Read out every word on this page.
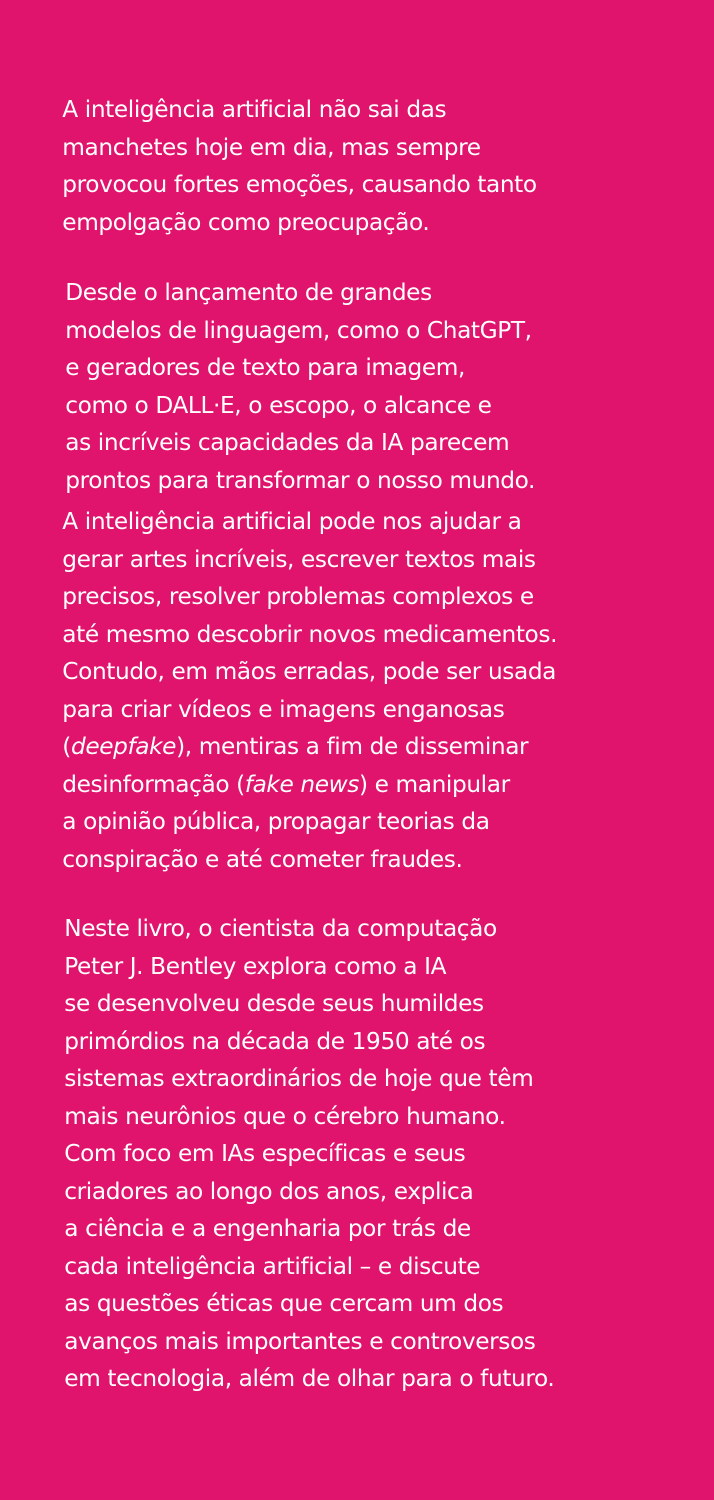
A inteligência artificial não sai das
manchetes hoje em dia, mas sempre
provocou fortes emoções, causando tanto
empolgação como preocupação.
Desde o lançamento de grandes
modelos de linguagem, como o ChatGPT,
e geradores de texto para imagem,
como o DALL·E, o escopo, o alcance e
as incríveis capacidades da IA parecem
prontos para transformar o nosso mundo.
A inteligência artificial pode nos ajudar a
gerar artes incríveis, escrever textos mais
precisos, resolver problemas complexos e
até mesmo descobrir novos medicamentos.
Contudo, em mãos erradas, pode ser usada
para criar vídeos e imagens enganosas
(deepfake), mentiras a fim de disseminar
desinformação (fake news) e manipular
a opinião pública, propagar teorias da
conspiração e até cometer fraudes.
Neste livro, o cientista da computação
Peter J. Bentley explora como a IA
se desenvolveu desde seus humildes
primórdios na década de 1950 até os
sistemas extraordinários de hoje que têm
mais neurônios que o cérebro humano.
Com foco em IAs específicas e seus
criadores ao longo dos anos, explica
a ciência e a engenharia por trás de
cada inteligência artificial – e discute
as questões éticas que cercam um dos
avanços mais importantes e controversos
em tecnologia, além de olhar para o futuro.
